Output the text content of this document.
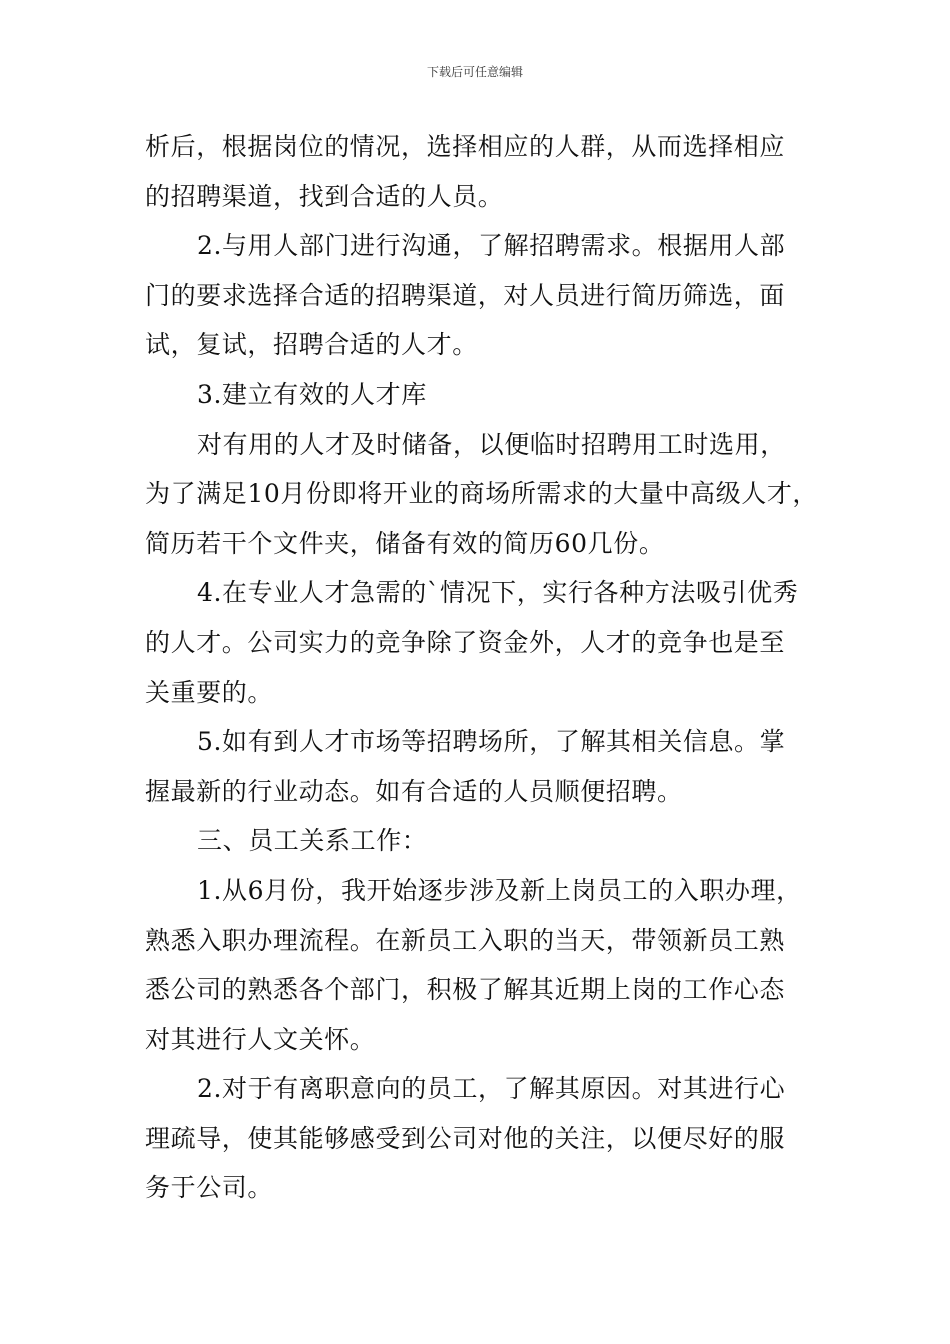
下载后可任意编辑
析后，根据岗位的情况，选择相应的人群，从而选择相应
的招聘渠道，找到合适的人员。
2.与用人部门进行沟通，了解招聘需求。根据用人部
门的要求选择合适的招聘渠道，对人员进行简历筛选，面
试，复试，招聘合适的人才。
3.建立有效的人才库
对有用的人才及时储备，以便临时招聘用工时选用，
为了满足10月份即将开业的商场所需求的大量中高级人才，
简历若干个文件夹，储备有效的简历60几份。
4.在专业人才急需的`情况下，实行各种方法吸引优秀
的人才。公司实力的竞争除了资金外，人才的竞争也是至
关重要的。
5.如有到人才市场等招聘场所，了解其相关信息。掌
握最新的行业动态。如有合适的人员顺便招聘。
三、员工关系工作：
1.从6月份，我开始逐步涉及新上岗员工的入职办理，
熟悉入职办理流程。在新员工入职的当天，带领新员工熟
悉公司的熟悉各个部门，积极了解其近期上岗的工作心态
对其进行人文关怀。
2.对于有离职意向的员工，了解其原因。对其进行心
理疏导，使其能够感受到公司对他的关注，以便尽好的服
务于公司。
